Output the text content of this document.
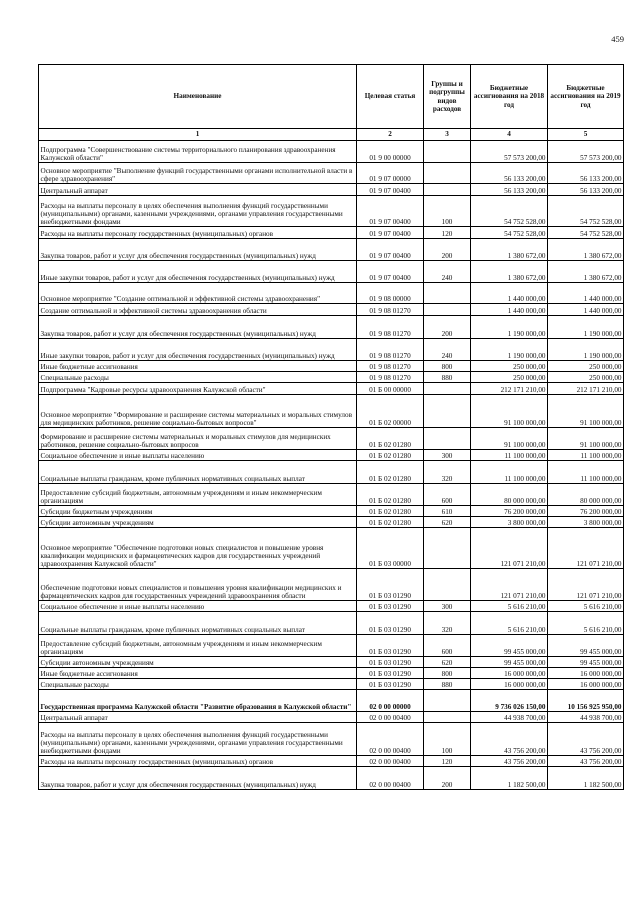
459
Наименование	Целевая статья	Группы и подгруппы видов расходов	Бюджетные ассигнования на 2018 год	Бюджетные ассигнования на 2019 год
1	2	3	4	5
Подпрограмма "Совершенствование системы территориального планирования здравоохранения Калужской области"	01 9 00 00000		57 573 200,00	57 573 200,00
Основное мероприятие "Выполнение функций государственными органами исполнительной власти в сфере здравоохранения"	01 9 07 00000		56 133 200,00	56 133 200,00
Центральный аппарат	01 9 07 00400		56 133 200,00	56 133 200,00
Расходы на выплаты персоналу в целях обеспечения выполнения функций государственными (муниципальными) органами, казенными учреждениями, органами управления государственными внебюджетными фондами	01 9 07 00400	100	54 752 528,00	54 752 528,00
Расходы на выплаты персоналу государственных (муниципальных) органов	01 9 07 00400	120	54 752 528,00	54 752 528,00
Закупка товаров, работ и услуг для обеспечения государственных (муниципальных) нужд	01 9 07 00400	200	1 380 672,00	1 380 672,00
Иные закупки товаров, работ и услуг для обеспечения государственных (муниципальных) нужд	01 9 07 00400	240	1 380 672,00	1 380 672,00
Основное мероприятие "Создание оптимальной и эффективной системы здравоохранения"	01 9 08 00000		1 440 000,00	1 440 000,00
Создание оптимальной и эффективной системы здравоохранения области	01 9 08 01270		1 440 000,00	1 440 000,00
Закупка товаров, работ и услуг для обеспечения государственных (муниципальных) нужд	01 9 08 01270	200	1 190 000,00	1 190 000,00
Иные закупки товаров, работ и услуг для обеспечения государственных (муниципальных) нужд	01 9 08 01270	240	1 190 000,00	1 190 000,00
Иные бюджетные ассигнования	01 9 08 01270	800	250 000,00	250 000,00
Специальные расходы	01 9 08 01270	880	250 000,00	250 000,00
Подпрограмма "Кадровые ресурсы здравоохранения Калужской области"	01 Б 00 00000		212 171 210,00	212 171 210,00
Основное мероприятие "Формирование и расширение системы материальных и моральных стимулов для медицинских работников, решение социально-бытовых вопросов"	01 Б 02 00000		91 100 000,00	91 100 000,00
Формирование и расширение системы материальных и моральных стимулов для медицинских работников, решение социально-бытовых вопросов	01 Б 02 01280		91 100 000,00	91 100 000,00
Социальное обеспечение и иные выплаты населению	01 Б 02 01280	300	11 100 000,00	11 100 000,00
Социальные выплаты гражданам, кроме публичных нормативных социальных выплат	01 Б 02 01280	320	11 100 000,00	11 100 000,00
Предоставление субсидий бюджетным, автономным учреждениям и иным некоммерческим организациям	01 Б 02 01280	600	80 000 000,00	80 000 000,00
Субсидии бюджетным учреждениям	01 Б 02 01280	610	76 200 000,00	76 200 000,00
Субсидии автономным учреждениям	01 Б 02 01280	620	3 800 000,00	3 800 000,00
Основное мероприятие "Обеспечение подготовки новых специалистов и повышение уровня квалификации медицинских и фармацевтических кадров для государственных учреждений здравоохранения Калужской области"	01 Б 03 00000		121 071 210,00	121 071 210,00
Обеспечение подготовки новых специалистов и повышения уровня квалификации медицинских и фармацевтических кадров для государственных учреждений здравоохранения области	01 Б 03 01290		121 071 210,00	121 071 210,00
Социальное обеспечение и иные выплаты населению	01 Б 03 01290	300	5 616 210,00	5 616 210,00
Социальные выплаты гражданам, кроме публичных нормативных социальных выплат	01 Б 03 01290	320	5 616 210,00	5 616 210,00
Предоставление субсидий бюджетным, автономным учреждениям и иным некоммерческим организациям	01 Б 03 01290	600	99 455 000,00	99 455 000,00
Субсидии автономным учреждениям	01 Б 03 01290	620	99 455 000,00	99 455 000,00
Иные бюджетные ассигнования	01 Б 03 01290	800	16 000 000,00	16 000 000,00
Специальные расходы	01 Б 03 01290	880	16 000 000,00	16 000 000,00
Государственная программа Калужской области "Развитие образования в Калужской области"	02 0 00 00000		9 736 026 150,00	10 156 925 950,00
Центральный аппарат	02 0 00 00400		44 938 700,00	44 938 700,00
Расходы на выплаты персоналу в целях обеспечения выполнения функций государственными (муниципальными) органами, казенными учреждениями, органами управления государственными внебюджетными фондами	02 0 00 00400	100	43 756 200,00	43 756 200,00
Расходы на выплаты персоналу государственных (муниципальных) органов	02 0 00 00400	120	43 756 200,00	43 756 200,00
Закупка товаров, работ и услуг для обеспечения государственных (муниципальных) нужд	02 0 00 00400	200	1 182 500,00	1 182 500,00
